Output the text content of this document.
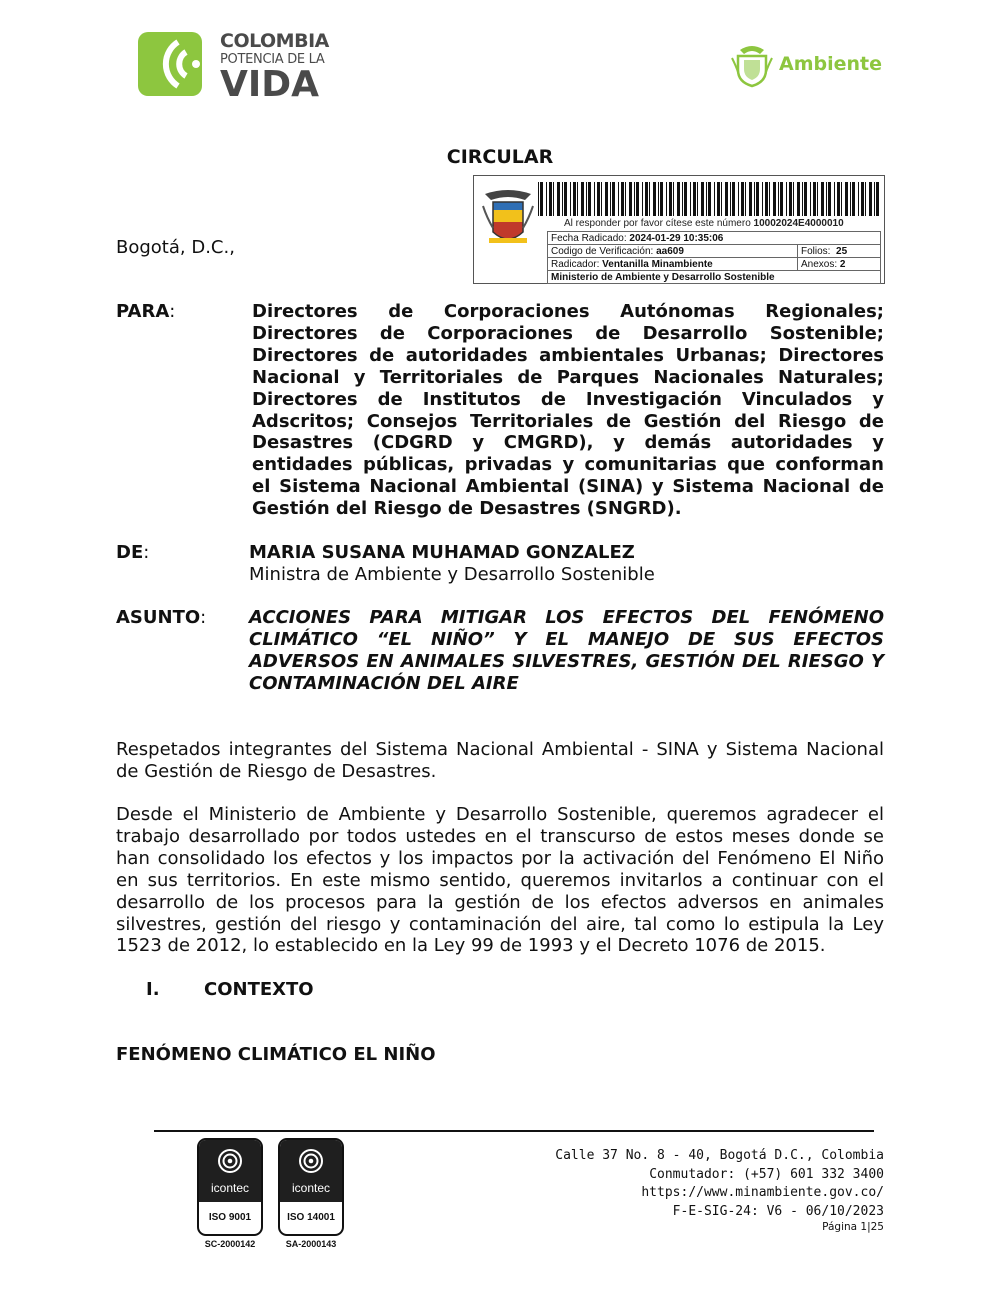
COLOMBIA
POTENCIA DE LA
VIDA	Ambiente
CIRCULAR
Al responder por favor cítese este número 10002024E4000010
Fecha Radicado: 2024-01-29 10:35:06	
Codigo de Verificación: aa609	Folios: 25
Radicador: Ventanilla Minambiente	Anexos: 2
Ministerio de Ambiente y Desarrollo Sostenible	
Bogotá, D.C.,
PARA:	Directores de Corporaciones Autónomas Regionales; Directores de Corporaciones de Desarrollo Sostenible; Directores de autoridades ambientales Urbanas; Directores Nacional y Territoriales de Parques Nacionales Naturales; Directores de Institutos de Investigación Vinculados y Adscritos; Consejos Territoriales de Gestión del Riesgo de Desastres (CDGRD y CMGRD), y demás autoridades y entidades públicas, privadas y comunitarias que conforman el Sistema Nacional Ambiental (SINA) y Sistema Nacional de Gestión del Riesgo de Desastres (SNGRD).
DE:	MARIA SUSANA MUHAMAD GONZALEZ
Ministra de Ambiente y Desarrollo Sostenible
ASUNTO: ACCIONES PARA MITIGAR LOS EFECTOS DEL FENÓMENO CLIMÁTICO “EL NIÑO” Y EL MANEJO DE SUS EFECTOS ADVERSOS EN ANIMALES SILVESTRES, GESTIÓN DEL RIESGO Y CONTAMINACIÓN DEL AIRE
Respetados integrantes del Sistema Nacional Ambiental - SINA y Sistema Nacional de Gestión de Riesgo de Desastres.
Desde el Ministerio de Ambiente y Desarrollo Sostenible, queremos agradecer el trabajo desarrollado por todos ustedes en el transcurso de estos meses donde se han consolidado los efectos y los impactos por la activación del Fenómeno El Niño en sus territorios. En este mismo sentido, queremos invitarlos a continuar con el desarrollo de los procesos para la gestión de los efectos adversos en animales silvestres, gestión del riesgo y contaminación del aire, tal como lo estipula la Ley 1523 de 2012, lo establecido en la Ley 99 de 1993 y el Decreto 1076 de 2015.
I. CONTEXTO
FENÓMENO CLIMÁTICO EL NIÑO
icontec
ISO 9001
SC-2000142
icontec
ISO 14001
SA-2000143
Calle 37 No. 8 - 40, Bogotá D.C., Colombia
Conmutador: (+57) 601 332 3400
https://www.minambiente.gov.co/
F-E-SIG-24: V6 - 06/10/2023
Página 1|25
